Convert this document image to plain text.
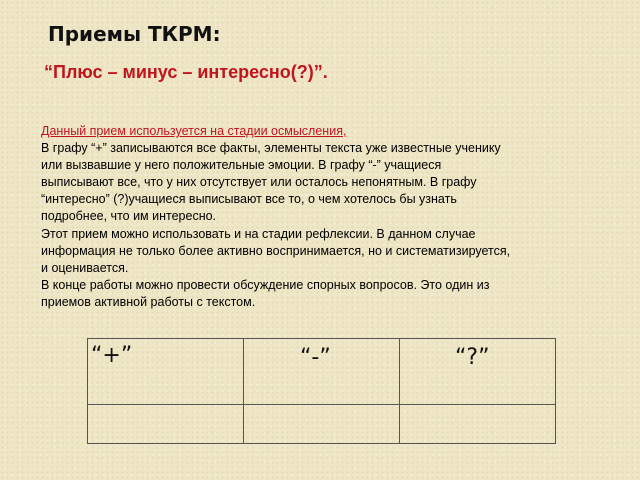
Приемы ТКРМ:
“Плюс – минус – интересно(?)”.

Данный прием используется на стадии осмысления,

В графу “+” записываются все факты, элементы текста уже известные ученику

или вызвавшие у него положительные эмоции. В графу “-” учащиеся

выписывают все, что у них отсутствует или осталось непонятным. В графу

“интересно” (?)учащиеся выписывают все то, о чем хотелось бы узнать

подробнее, что им интересно.

Этот прием можно использовать и на стадии рефлексии. В данном случае

информация не только более активно воспринимается, но и систематизируется,

и оценивается.

В конце работы можно провести обсуждение спорных вопросов. Это один из

приемов активной работы с текстом.

“+”	“-”	“?”
